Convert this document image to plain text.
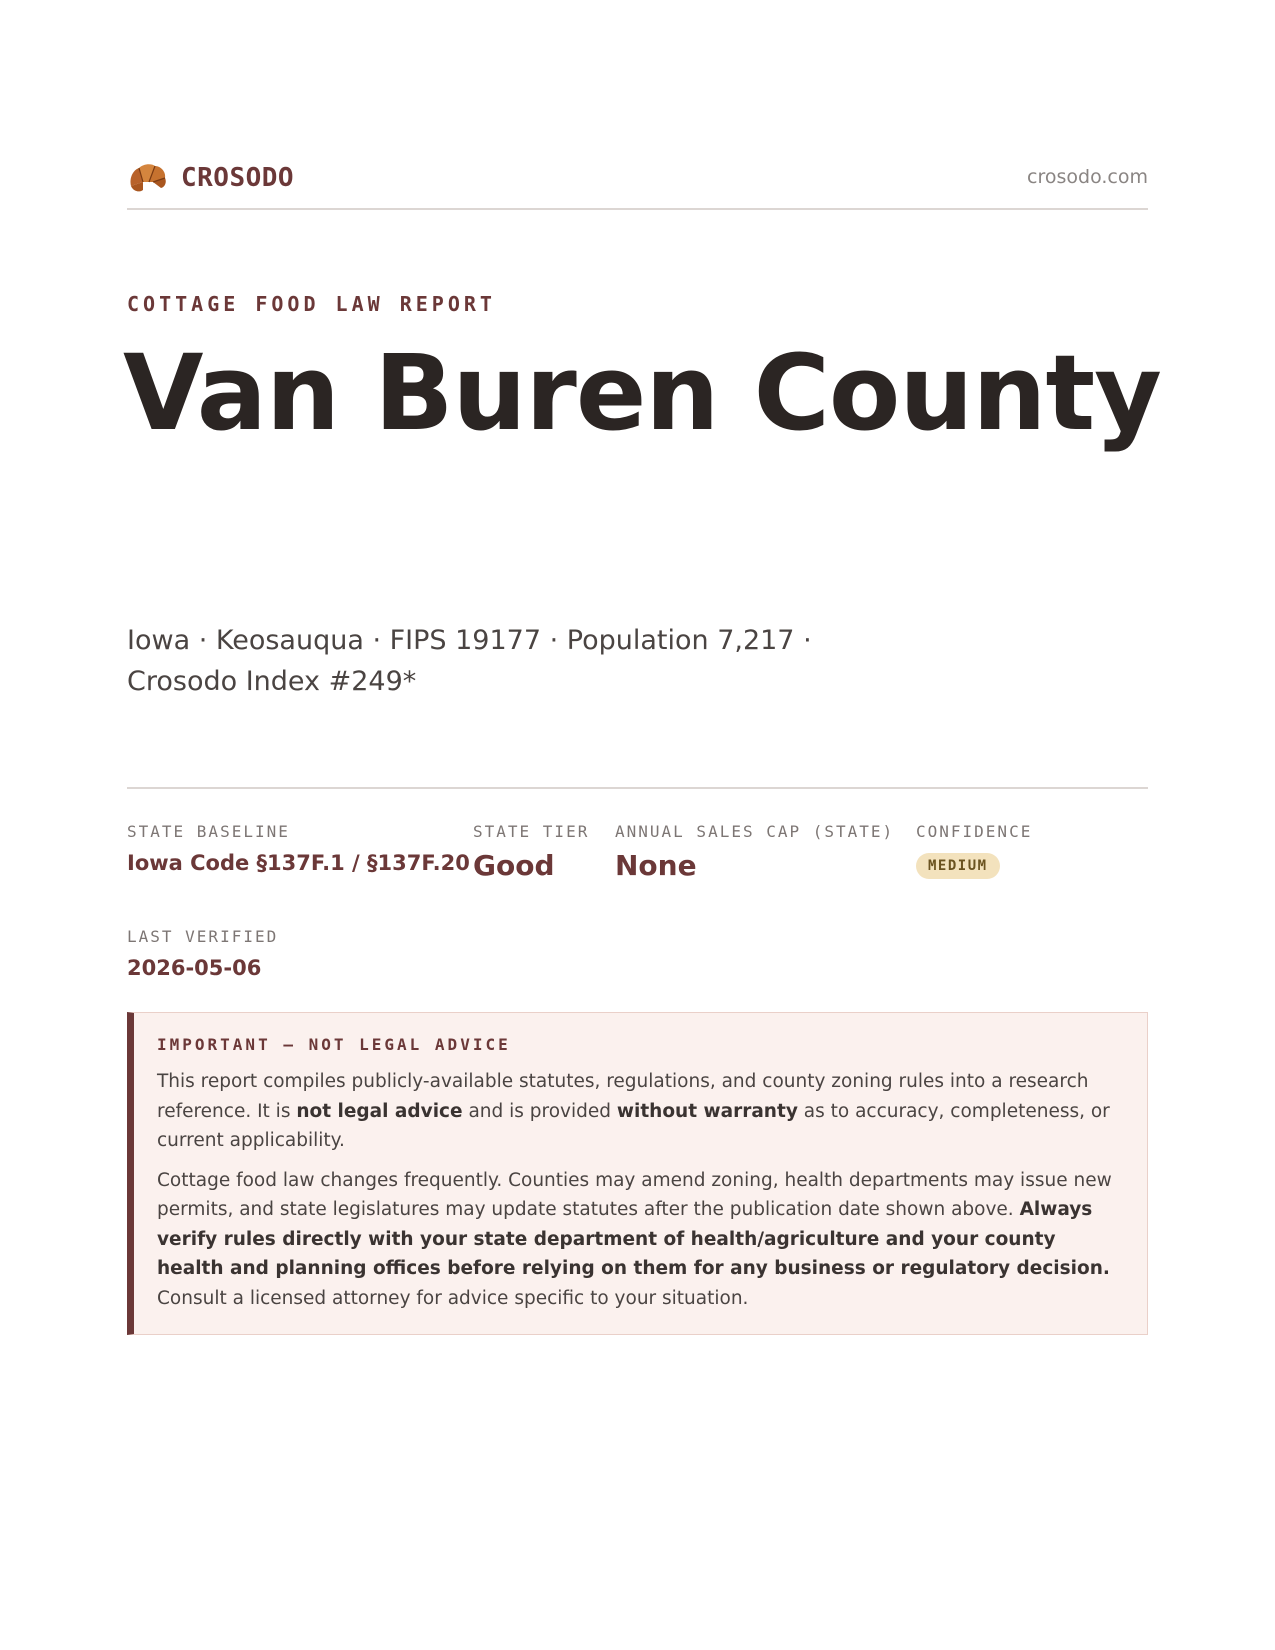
CROSODO	crosodo.com
COTTAGE FOOD LAW REPORT
Van Buren County
Iowa · Keosauqua · FIPS 19177 · Population 7,217 · Crosodo Index #249*
STATE BASELINE
Iowa Code §137F.1 / §137F.20
STATE TIER
Good
ANNUAL SALES CAP (STATE)
None
CONFIDENCE
MEDIUM
LAST VERIFIED
2026-05-06
IMPORTANT — NOT LEGAL ADVICE

This report compiles publicly-available statutes, regulations, and county zoning rules into a research reference. It is not legal advice and is provided without warranty as to accuracy, completeness, or current applicability.

Cottage food law changes frequently. Counties may amend zoning, health departments may issue new permits, and state legislatures may update statutes after the publication date shown above. Always verify rules directly with your state department of health/agriculture and your county health and planning offices before relying on them for any business or regulatory decision. Consult a licensed attorney for advice specific to your situation.
